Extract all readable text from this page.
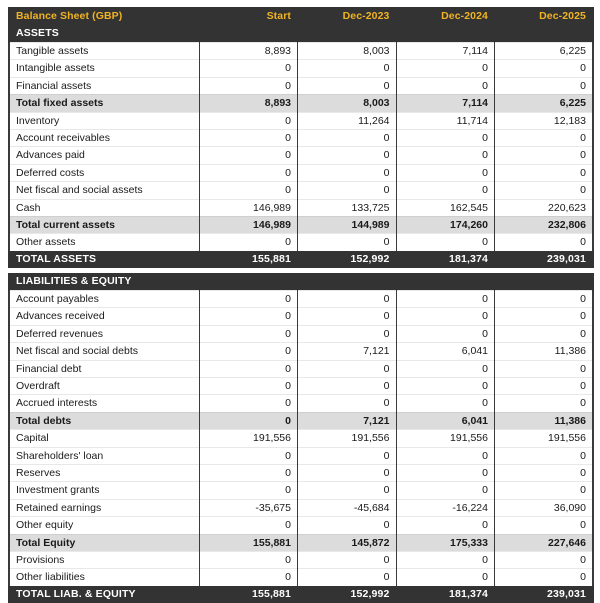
Balance Sheet (GBP)	Start	Dec-2023	Dec-2024	Dec-2025
ASSETS				
Tangible assets	8,893	8,003	7,114	6,225
Intangible assets	0	0	0	0
Financial assets	0	0	0	0
Total fixed assets	8,893	8,003	7,114	6,225
Inventory	0	11,264	11,714	12,183
Account receivables	0	0	0	0
Advances paid	0	0	0	0
Deferred costs	0	0	0	0
Net fiscal and social assets	0	0	0	0
Cash	146,989	133,725	162,545	220,623
Total current assets	146,989	144,989	174,260	232,806
Other assets	0	0	0	0
TOTAL ASSETS	155,881	152,992	181,374	239,031

LIABILITIES & EQUITY				
Account payables	0	0	0	0
Advances received	0	0	0	0
Deferred revenues	0	0	0	0
Net fiscal and social debts	0	7,121	6,041	11,386
Financial debt	0	0	0	0
Overdraft	0	0	0	0
Accrued interests	0	0	0	0
Total debts	0	7,121	6,041	11,386
Capital	191,556	191,556	191,556	191,556
Shareholders' loan	0	0	0	0
Reserves	0	0	0	0
Investment grants	0	0	0	0
Retained earnings	-35,675	-45,684	-16,224	36,090
Other equity	0	0	0	0
Total Equity	155,881	145,872	175,333	227,646
Provisions	0	0	0	0
Other liabilities	0	0	0	0
TOTAL LIAB. & EQUITY	155,881	152,992	181,374	239,031
